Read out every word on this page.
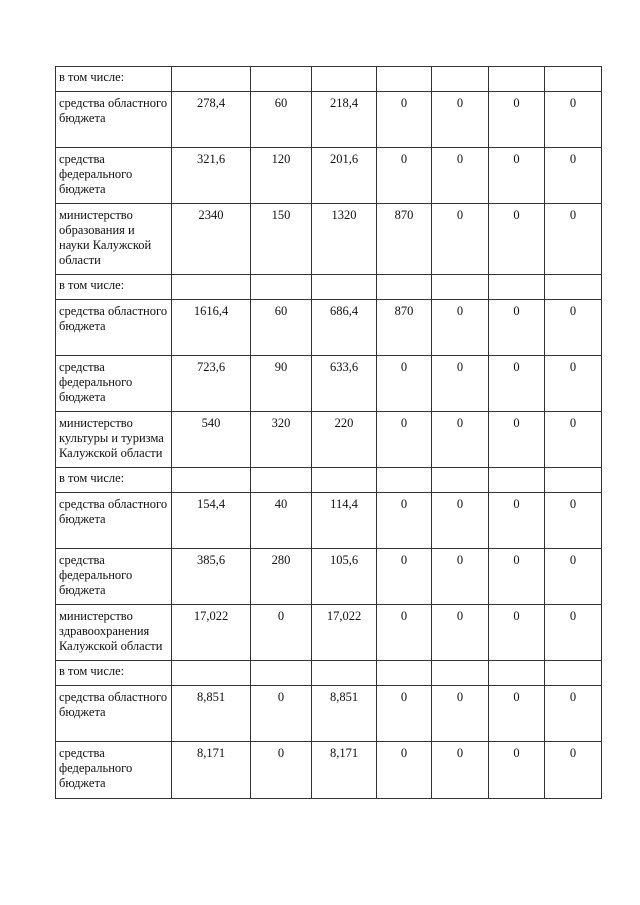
в том числе:							
средства областного бюджета	278,4	60	218,4	0	0	0	0
средства федерального бюджета	321,6	120	201,6	0	0	0	0
министерство образования и науки Калужской области	2340	150	1320	870	0	0	0
в том числе:							
средства областного бюджета	1616,4	60	686,4	870	0	0	0
средства федерального бюджета	723,6	90	633,6	0	0	0	0
министерство культуры и туризма Калужской области	540	320	220	0	0	0	0
в том числе:							
средства областного бюджета	154,4	40	114,4	0	0	0	0
средства федерального бюджета	385,6	280	105,6	0	0	0	0
министерство здравоохранения Калужской области	17,022	0	17,022	0	0	0	0
в том числе:							
средства областного бюджета	8,851	0	8,851	0	0	0	0
средства федерального бюджета	8,171	0	8,171	0	0	0	0
